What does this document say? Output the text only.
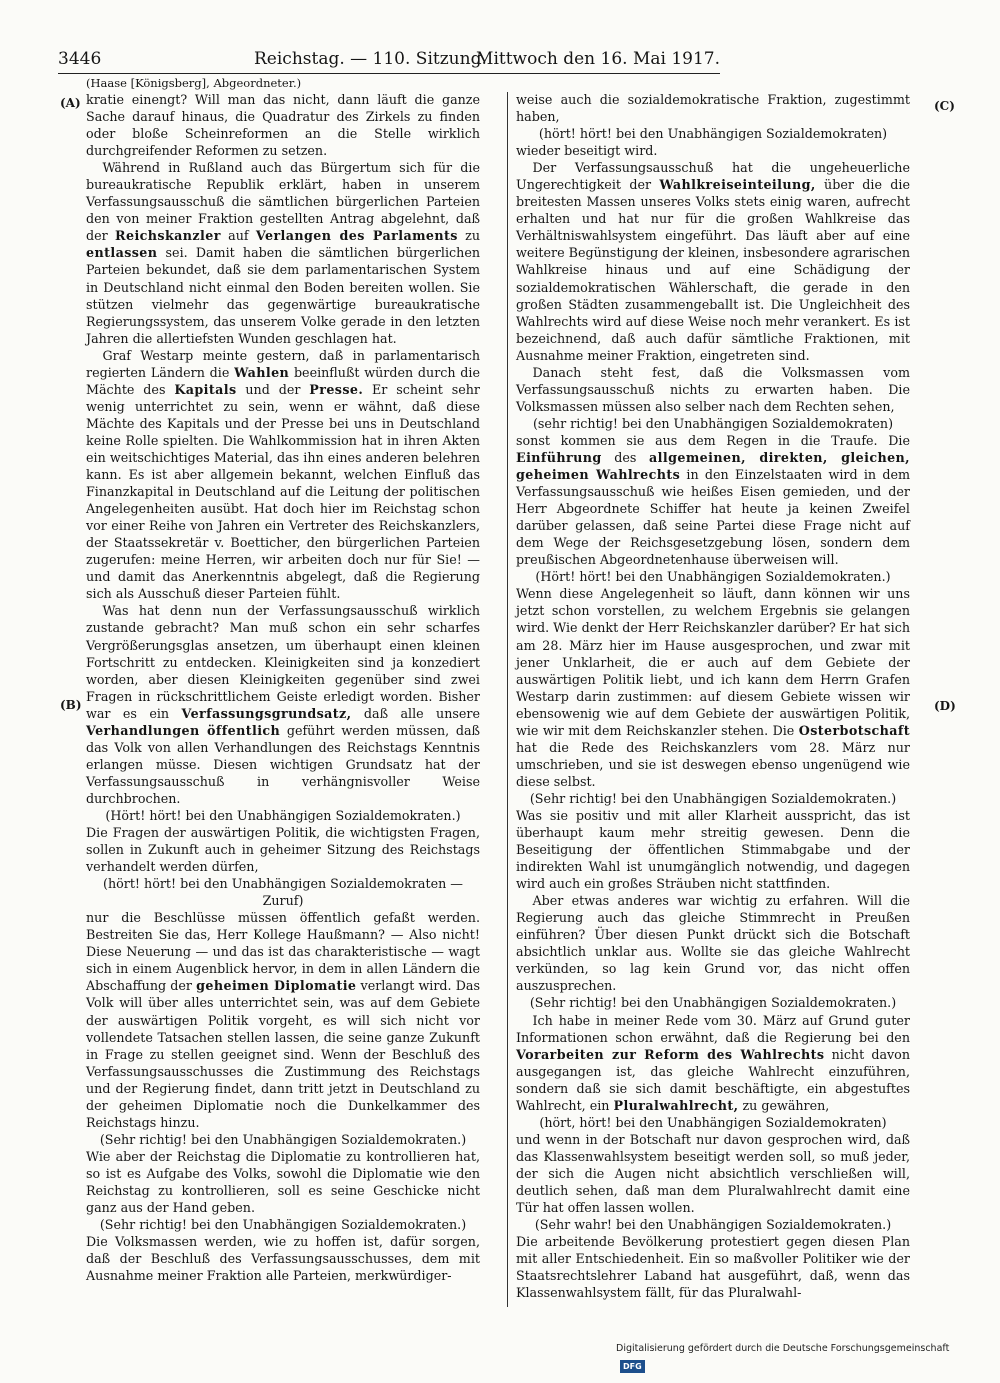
3446	Reichstag. — 110. Sitzung.
Mittwoch den 16. Mai 1917.
(Haase [Königsberg], Abgeordneter.)
(A)
(B)
(C)
(D)

kratie einengt? Will man das nicht, dann läuft die ganze Sache darauf hinaus, die Quadratur des Zirkels zu finden oder bloße Scheinreformen an die Stelle wirklich durchgreifender Reformen zu setzen.

Während in Rußland auch das Bürgertum sich für die bureaukratische Republik erklärt, haben in unserem Verfassungsausschuß die sämtlichen bürgerlichen Parteien den von meiner Fraktion gestellten Antrag abgelehnt, daß der Reichskanzler auf Verlangen des Parlaments zu entlassen sei. Damit haben die sämtlichen bürgerlichen Parteien bekundet, daß sie dem parlamentarischen System in Deutschland nicht einmal den Boden bereiten wollen. Sie stützen vielmehr das gegenwärtige bureaukratische Regierungssystem, das unserem Volke gerade in den letzten Jahren die allertiefsten Wunden geschlagen hat.

Graf Westarp meinte gestern, daß in parlamentarisch regierten Ländern die Wahlen beeinflußt würden durch die Mächte des Kapitals und der Presse. Er scheint sehr wenig unterrichtet zu sein, wenn er wähnt, daß diese Mächte des Kapitals und der Presse bei uns in Deutschland keine Rolle spielten. Die Wahlkommission hat in ihren Akten ein weitschichtiges Material, das ihn eines anderen belehren kann. Es ist aber allgemein bekannt, welchen Einfluß das Finanzkapital in Deutschland auf die Leitung der politischen Angelegenheiten ausübt. Hat doch hier im Reichstag schon vor einer Reihe von Jahren ein Vertreter des Reichskanzlers, der Staatssekretär v. Boetticher, den bürgerlichen Parteien zugerufen: meine Herren, wir arbeiten doch nur für Sie! — und damit das Anerkenntnis abgelegt, daß die Regierung sich als Ausschuß dieser Parteien fühlt.

Was hat denn nun der Verfassungsausschuß wirklich zustande gebracht? Man muß schon ein sehr scharfes Vergrößerungsglas ansetzen, um überhaupt einen kleinen Fortschritt zu entdecken. Kleinigkeiten sind ja konzediert worden, aber diesen Kleinigkeiten gegenüber sind zwei Fragen in rückschrittlichem Geiste erledigt worden. Bisher war es ein Verfassungsgrundsatz, daß alle unsere Verhandlungen öffentlich geführt werden müssen, daß das Volk von allen Verhandlungen des Reichstags Kenntnis erlangen müsse. Diesen wichtigen Grundsatz hat der Verfassungsausschuß in verhängnisvoller Weise durchbrochen.

(Hört! hört! bei den Unabhängigen Sozialdemokraten.)

Die Fragen der auswärtigen Politik, die wichtigsten Fragen, sollen in Zukunft auch in geheimer Sitzung des Reichstags verhandelt werden dürfen,

(hört! hört! bei den Unabhängigen Sozialdemokraten — Zuruf)

nur die Beschlüsse müssen öffentlich gefaßt werden. Bestreiten Sie das, Herr Kollege Haußmann? — Also nicht! Diese Neuerung — und das ist das charakteristische — wagt sich in einem Augenblick hervor, in dem in allen Ländern die Abschaffung der geheimen Diplomatie verlangt wird. Das Volk will über alles unterrichtet sein, was auf dem Gebiete der auswärtigen Politik vorgeht, es will sich nicht vor vollendete Tatsachen stellen lassen, die seine ganze Zukunft in Frage zu stellen geeignet sind. Wenn der Beschluß des Verfassungsausschusses die Zustimmung des Reichstags und der Regierung findet, dann tritt jetzt in Deutschland zu der geheimen Diplomatie noch die Dunkelkammer des Reichstags hinzu.

(Sehr richtig! bei den Unabhängigen Sozialdemokraten.)

Wie aber der Reichstag die Diplomatie zu kontrollieren hat, so ist es Aufgabe des Volks, sowohl die Diplomatie wie den Reichstag zu kontrollieren, soll es seine Geschicke nicht ganz aus der Hand geben.

(Sehr richtig! bei den Unabhängigen Sozialdemokraten.)

Die Volksmassen werden, wie zu hoffen ist, dafür sorgen, daß der Beschluß des Verfassungsausschusses, dem mit Ausnahme meiner Fraktion alle Parteien, merkwürdiger-

weise auch die sozialdemokratische Fraktion, zugestimmt haben,

(hört! hört! bei den Unabhängigen Sozialdemokraten)

wieder beseitigt wird.

Der Verfassungsausschuß hat die ungeheuerliche Ungerechtigkeit der Wahlkreiseinteilung, über die die breitesten Massen unseres Volks stets einig waren, aufrecht erhalten und hat nur für die großen Wahlkreise das Verhältniswahlsystem eingeführt. Das läuft aber auf eine weitere Begünstigung der kleinen, insbesondere agrarischen Wahlkreise hinaus und auf eine Schädigung der sozialdemokratischen Wählerschaft, die gerade in den großen Städten zusammengeballt ist. Die Ungleichheit des Wahlrechts wird auf diese Weise noch mehr verankert. Es ist bezeichnend, daß auch dafür sämtliche Fraktionen, mit Ausnahme meiner Fraktion, eingetreten sind.

Danach steht fest, daß die Volksmassen vom Verfassungsausschuß nichts zu erwarten haben. Die Volksmassen müssen also selber nach dem Rechten sehen,

(sehr richtig! bei den Unabhängigen Sozialdemokraten)

sonst kommen sie aus dem Regen in die Traufe. Die Einführung des allgemeinen, direkten, gleichen, geheimen Wahlrechts in den Einzelstaaten wird in dem Verfassungsausschuß wie heißes Eisen gemieden, und der Herr Abgeordnete Schiffer hat heute ja keinen Zweifel darüber gelassen, daß seine Partei diese Frage nicht auf dem Wege der Reichsgesetzgebung lösen, sondern dem preußischen Abgeordnetenhause überweisen will.

(Hört! hört! bei den Unabhängigen Sozialdemokraten.)

Wenn diese Angelegenheit so läuft, dann können wir uns jetzt schon vorstellen, zu welchem Ergebnis sie gelangen wird. Wie denkt der Herr Reichskanzler darüber? Er hat sich am 28. März hier im Hause ausgesprochen, und zwar mit jener Unklarheit, die er auch auf dem Gebiete der auswärtigen Politik liebt, und ich kann dem Herrn Grafen Westarp darin zustimmen: auf diesem Gebiete wissen wir ebensowenig wie auf dem Gebiete der auswärtigen Politik, wie wir mit dem Reichskanzler stehen. Die Osterbotschaft hat die Rede des Reichskanzlers vom 28. März nur umschrieben, und sie ist deswegen ebenso ungenügend wie diese selbst.

(Sehr richtig! bei den Unabhängigen Sozialdemokraten.)

Was sie positiv und mit aller Klarheit ausspricht, das ist überhaupt kaum mehr streitig gewesen. Denn die Beseitigung der öffentlichen Stimmabgabe und der indirekten Wahl ist unumgänglich notwendig, und dagegen wird auch ein großes Sträuben nicht stattfinden.

Aber etwas anderes war wichtig zu erfahren. Will die Regierung auch das gleiche Stimmrecht in Preußen einführen? Über diesen Punkt drückt sich die Botschaft absichtlich unklar aus. Wollte sie das gleiche Wahlrecht verkünden, so lag kein Grund vor, das nicht offen auszusprechen.

(Sehr richtig! bei den Unabhängigen Sozialdemokraten.)

Ich habe in meiner Rede vom 30. März auf Grund guter Informationen schon erwähnt, daß die Regierung bei den Vorarbeiten zur Reform des Wahlrechts nicht davon ausgegangen ist, das gleiche Wahlrecht einzuführen, sondern daß sie sich damit beschäftigte, ein abgestuftes Wahlrecht, ein Pluralwahlrecht, zu gewähren,

(hört, hört! bei den Unabhängigen Sozialdemokraten)

und wenn in der Botschaft nur davon gesprochen wird, daß das Klassenwahlsystem beseitigt werden soll, so muß jeder, der sich die Augen nicht absichtlich verschließen will, deutlich sehen, daß man dem Pluralwahlrecht damit eine Tür hat offen lassen wollen.

(Sehr wahr! bei den Unabhängigen Sozialdemokraten.)

Die arbeitende Bevölkerung protestiert gegen diesen Plan mit aller Entschiedenheit. Ein so maßvoller Politiker wie der Staatsrechtslehrer Laband hat ausgeführt, daß, wenn das Klassenwahlsystem fällt, für das Pluralwahl-

Digitalisierung gefördert durch die Deutsche ForschungsgemeinschaftDFG
